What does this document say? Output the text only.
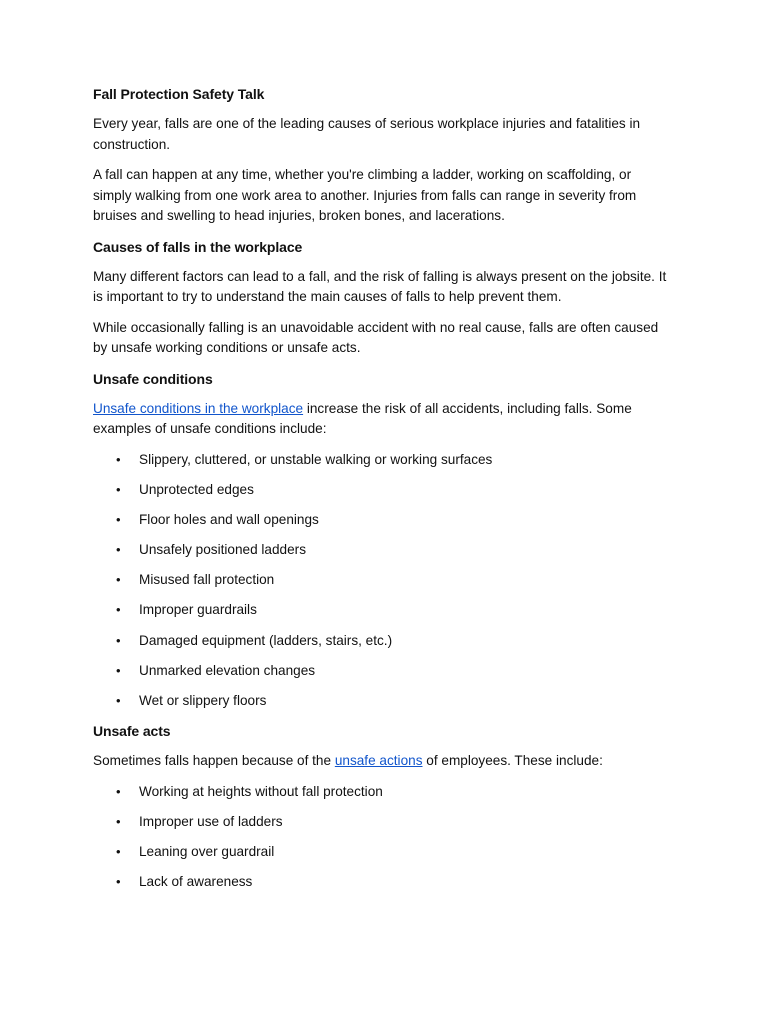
Fall Protection Safety Talk
Every year, falls are one of the leading causes of serious workplace injuries and fatalities in construction.
A fall can happen at any time, whether you're climbing a ladder, working on scaffolding, or simply walking from one work area to another. Injuries from falls can range in severity from bruises and swelling to head injuries, broken bones, and lacerations.
Causes of falls in the workplace
Many different factors can lead to a fall, and the risk of falling is always present on the jobsite. It is important to try to understand the main causes of falls to help prevent them.
While occasionally falling is an unavoidable accident with no real cause, falls are often caused by unsafe working conditions or unsafe acts.
Unsafe conditions
Unsafe conditions in the workplace increase the risk of all accidents, including falls. Some examples of unsafe conditions include:
• Slippery, cluttered, or unstable walking or working surfaces
• Unprotected edges
• Floor holes and wall openings
• Unsafely positioned ladders
• Misused fall protection
• Improper guardrails
• Damaged equipment (ladders, stairs, etc.)
• Unmarked elevation changes
• Wet or slippery floors
Unsafe acts
Sometimes falls happen because of the unsafe actions of employees. These include:
• Working at heights without fall protection
• Improper use of ladders
• Leaning over guardrail
• Lack of awareness
